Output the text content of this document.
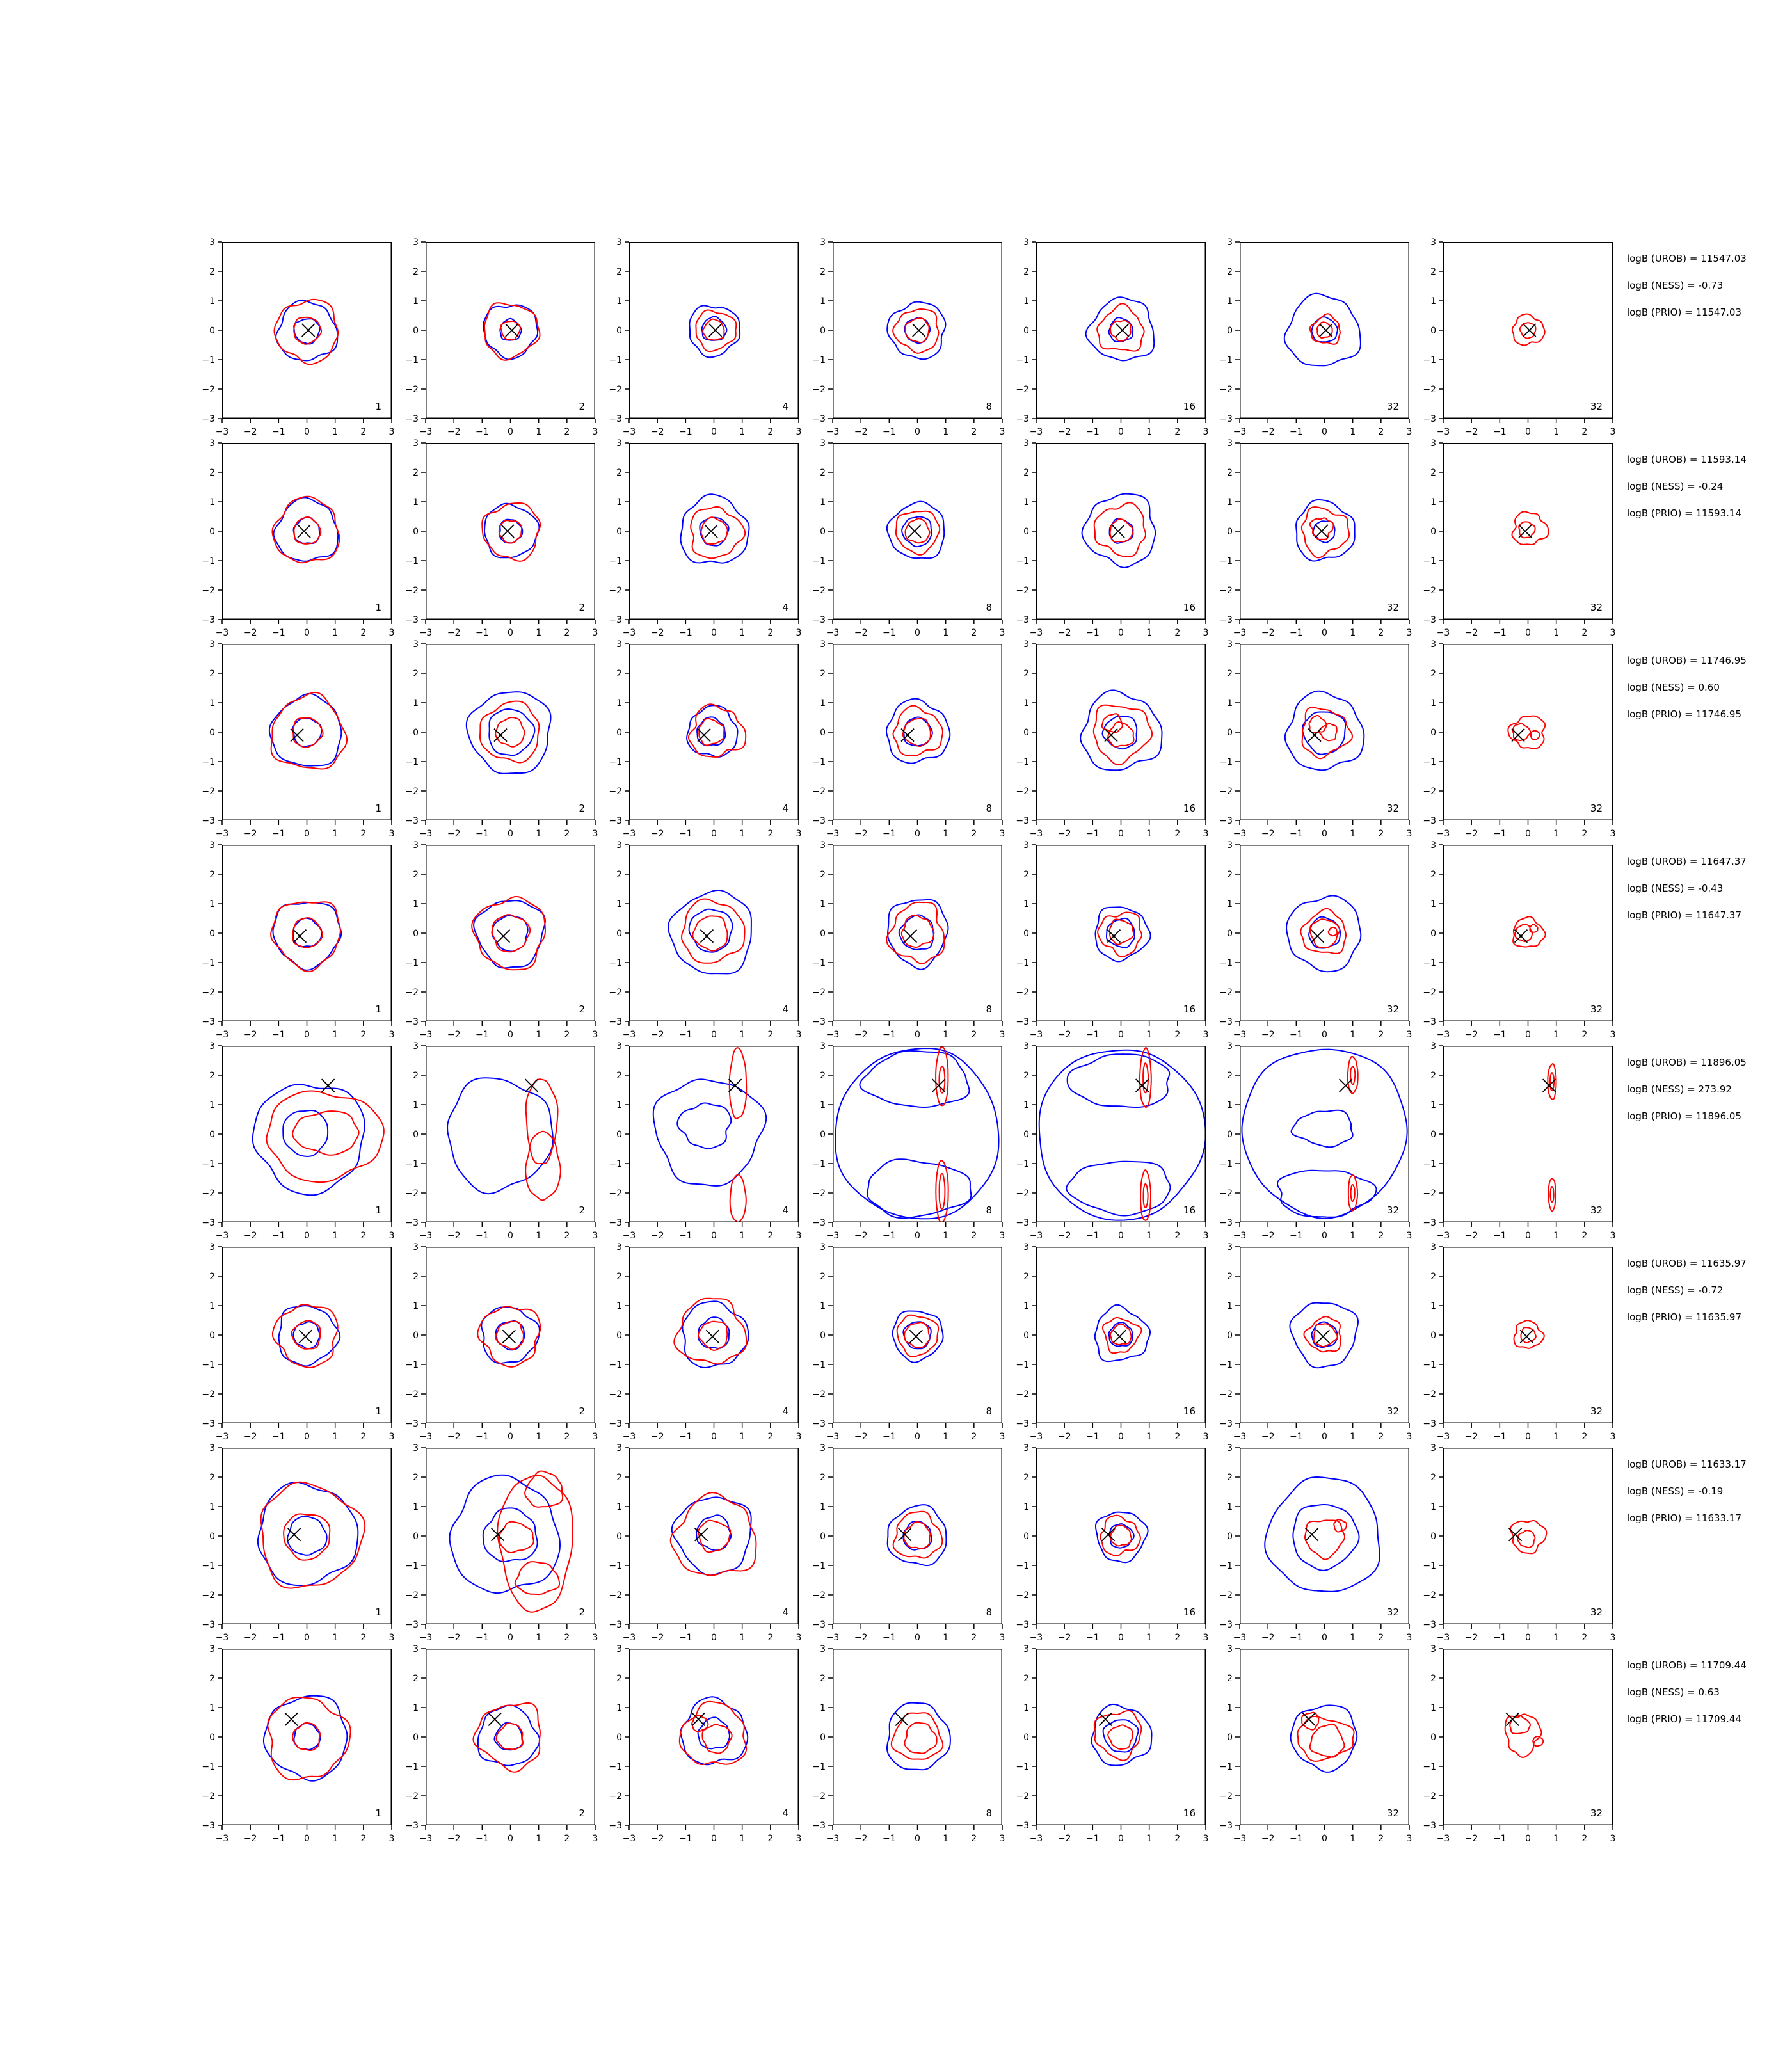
−3 −2 −1 0	1	2	3
−3
−2
−1
0
1
2
3
1
−3 −2 −1 0	1	2	3
−3
−2
−1
0
1
2
3
2
−3 −2 −1 0	1	2	3
−3
−2
−1
0
1
2
3
4
−3 −2 −1 0	1	2	3
−3
−2
−1
0
1
2
3
8
−3 −2 −1 0	1	2	3
−3
−2
−1
0
1
2
3
16
−3 −2 −1 0	1	2	3
−3
−2
−1
0
1
2
3
32
−3 −2 −1 0	1	2	3
−3
−2
−1
0
1
2
3
32
−3 −2 −1 0	1	2	3
−3
−2
−1
0
1
2
3
1
−3 −2 −1 0	1	2	3
−3
−2
−1
0
1
2
3
2
−3 −2 −1 0	1	2	3
−3
−2
−1
0
1
2
3
4
−3 −2 −1 0	1	2	3
−3
−2
−1
0
1
2
3
8
−3 −2 −1 0	1	2	3
−3
−2
−1
0
1
2
3
16
−3 −2 −1 0	1	2	3
−3
−2
−1
0
1
2
3
32
−3 −2 −1 0	1	2	3
−3
−2
−1
0
1
2
3
32
−3 −2 −1 0	1	2	3
−3
−2
−1
0
1
2
3
1
−3 −2 −1 0	1	2	3
−3
−2
−1
0
1
2
3
2
−3 −2 −1 0	1	2	3
−3
−2
−1
0
1
2
3
4
−3 −2 −1 0	1	2	3
−3
−2
−1
0
1
2
3
8
−3 −2 −1 0	1	2	3
−3
−2
−1
0
1
2
3
16
−3 −2 −1 0	1	2	3
−3
−2
−1
0
1
2
3
32
−3 −2 −1 0	1	2	3
−3
−2
−1
0
1
2
3
32
−3 −2 −1 0	1	2	3
−3
−2
−1
0
1
2
3
1
−3 −2 −1 0	1	2	3
−3
−2
−1
0
1
2
3
2
−3 −2 −1 0	1	2	3
−3
−2
−1
0
1
2
3
4
−3 −2 −1 0	1	2	3
−3
−2
−1
0
1
2
3
8
−3 −2 −1 0	1	2	3
−3
−2
−1
0
1
2
3
16
−3 −2 −1 0	1	2	3
−3
−2
−1
0
1
2
3
32
−3 −2 −1 0	1	2	3
−3
−2
−1
0
1
2
3
32
−3 −2 −1 0	1	2	3
−3
−2
−1
0
1
2
3
1
−3 −2 −1 0	1	2	3
−3
−2
−1
0
1
2
3
2
−3 −2 −1 0	1	2	3
−3
−2
−1
0
1
2
3
4
−3 −2 −1 0	1	2	3
−3
−2
−1
0
1
2
3
8
−3 −2 −1 0	1	2	3
−3
−2
−1
0
1
2
3
16
−3 −2 −1 0	1	2	3
−3
−2
−1
0
1
2
3
32
−3 −2 −1 0	1	2	3
−3
−2
−1
0
1
2
3
32
−3 −2 −1 0	1	2	3
−3
−2
−1
0
1
2
3
1
−3 −2 −1 0	1	2	3
−3
−2
−1
0
1
2
3
2
−3 −2 −1 0	1	2	3
−3
−2
−1
0
1
2
3
4
−3 −2 −1 0	1	2	3
−3
−2
−1
0
1
2
3
8
−3 −2 −1 0	1	2	3
−3
−2
−1
0
1
2
3
16
−3 −2 −1 0	1	2	3
−3
−2
−1
0
1
2
3
32
−3 −2 −1 0	1	2	3
−3
−2
−1
0
1
2
3
32
−3 −2 −1 0	1	2	3
−3
−2
−1
0
1
2
3
1
−3 −2 −1 0	1	2	3
−3
−2
−1
0
1
2
3
2
−3 −2 −1 0	1	2	3
−3
−2
−1
0
1
2
3
4
−3 −2 −1 0	1	2	3
−3
−2
−1
0
1
2
3
8
−3 −2 −1 0	1	2	3
−3
−2
−1
0
1
2
3
16
−3 −2 −1 0	1	2	3
−3
−2
−1
0
1
2
3
32
−3 −2 −1 0	1	2	3
−3
−2
−1
0
1
2
3
32
−3 −2 −1 0	1	2	3
−3
−2
−1
0
1
2
3
1
−3 −2 −1 0	1	2	3
−3
−2
−1
0
1
2
3
2
−3 −2 −1 0	1	2	3
−3
−2
−1
0
1
2
3
4
−3 −2 −1 0	1	2	3
−3
−2
−1
0
1
2
3
8
−3 −2 −1 0	1	2	3
−3
−2
−1
0
1
2
3
16
−3 −2 −1 0	1	2	3
−3
−2
−1
0
1
2
3
32
−3 −2 −1 0	1	2	3
−3
−2
−1
0
1
2
3
32

logB (UROB) = 11547.03

logB (NESS) = -0.73

logB (PRIO) = 11547.03

logB (UROB) = 11593.14

logB (NESS) = -0.24

logB (PRIO) = 11593.14

logB (UROB) = 11746.95

logB (NESS) = 0.60

logB (PRIO) = 11746.95

logB (UROB) = 11647.37

logB (NESS) = -0.43

logB (PRIO) = 11647.37

logB (UROB) = 11896.05

logB (NESS) = 273.92

logB (PRIO) = 11896.05

logB (UROB) = 11635.97

logB (NESS) = -0.72

logB (PRIO) = 11635.97

logB (UROB) = 11633.17

logB (NESS) = -0.19

logB (PRIO) = 11633.17

logB (UROB) = 11709.44

logB (NESS) = 0.63

logB (PRIO) = 11709.44
